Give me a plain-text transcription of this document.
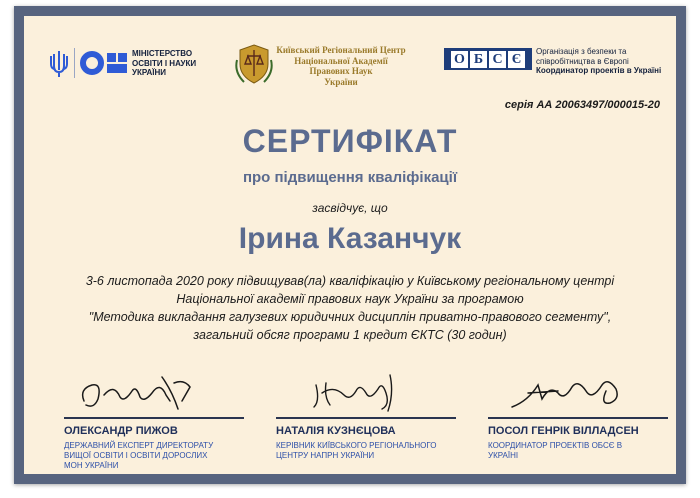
МІНІСТЕРСТВО
ОСВІТИ І НАУКИ
УКРАЇНИ
Київський Регіональний Центр
Національної Академії
Правових Наук
України
О Б С Є	Організація з безпеки та
співробітництва в Європі
Координатор проектів в Україні
серія АА 20063497/000015-20
СЕРТИФІКАТ
про підвищення кваліфікації
засвідчує, що
Ірина Казанчук
3-6 листопада 2020 року підвищував(ла) кваліфікацію у Київському регіональному центрі
Національної академії правових наук України за програмою
"Методика викладання галузевих юридичних дисциплін приватно-правового сегменту",
загальний обсяг програми 1 кредит ЄКТС (30 годин)
ОЛЕКСАНДР ПИЖОВ
ДЕРЖАВНИЙ ЕКСПЕРТ ДИРЕКТОРАТУ
ВИЩОЇ ОСВІТИ І ОСВІТИ ДОРОСЛИХ
МОН УКРАЇНИ
НАТАЛІЯ КУЗНЄЦОВА
КЕРІВНИК КИЇВСЬКОГО РЕГІОНАЛЬНОГО
ЦЕНТРУ НАПРН УКРАЇНИ
ПОСОЛ ГЕНРІК ВІЛЛАДСЕН
КООРДИНАТОР ПРОЕКТІВ ОБСЄ В
УКРАЇНІ
